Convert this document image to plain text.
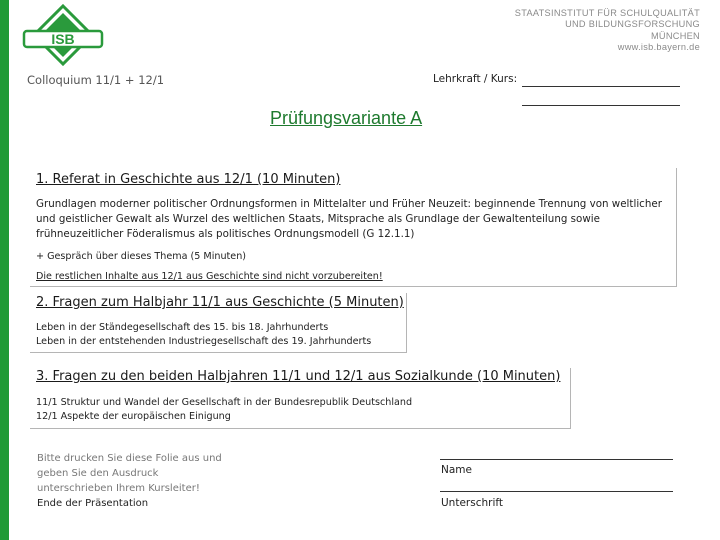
ISB
STAATSINSTITUT FÜR SCHULQUALITÄT
UND BILDUNGSFORSCHUNG
MÜNCHEN
www.isb.bayern.de
Colloquium 11/1 + 12/1	Lehrkraft / Kurs:
Prüfungsvariante A
1. Referat in Geschichte aus 12/1 (10 Minuten)
Grundlagen moderner politischer Ordnungsformen in Mittelalter und Früher Neuzeit: beginnende Trennung von weltlicher und geistlicher Gewalt als Wurzel des weltlichen Staats, Mitsprache als Grundlage der Gewaltenteilung sowie frühneuzeitlicher Föderalismus als politisches Ordnungsmodell (G 12.1.1)
+ Gespräch über dieses Thema (5 Minuten)
Die restlichen Inhalte aus 12/1 aus Geschichte sind nicht vorzubereiten!
2. Fragen zum Halbjahr 11/1 aus Geschichte (5 Minuten)
Leben in der Ständegesellschaft des 15. bis 18. Jahrhunderts
Leben in der entstehenden Industriegesellschaft des 19. Jahrhunderts
3. Fragen zu den beiden Halbjahren 11/1 und 12/1 aus Sozialkunde (10 Minuten)
11/1 Struktur und Wandel der Gesellschaft in der Bundesrepublik Deutschland
12/1 Aspekte der europäischen Einigung
Bitte drucken Sie diese Folie aus und geben Sie den Ausdruck unterschrieben Ihrem Kursleiter!
Ende der Präsentation
Name
Unterschrift
